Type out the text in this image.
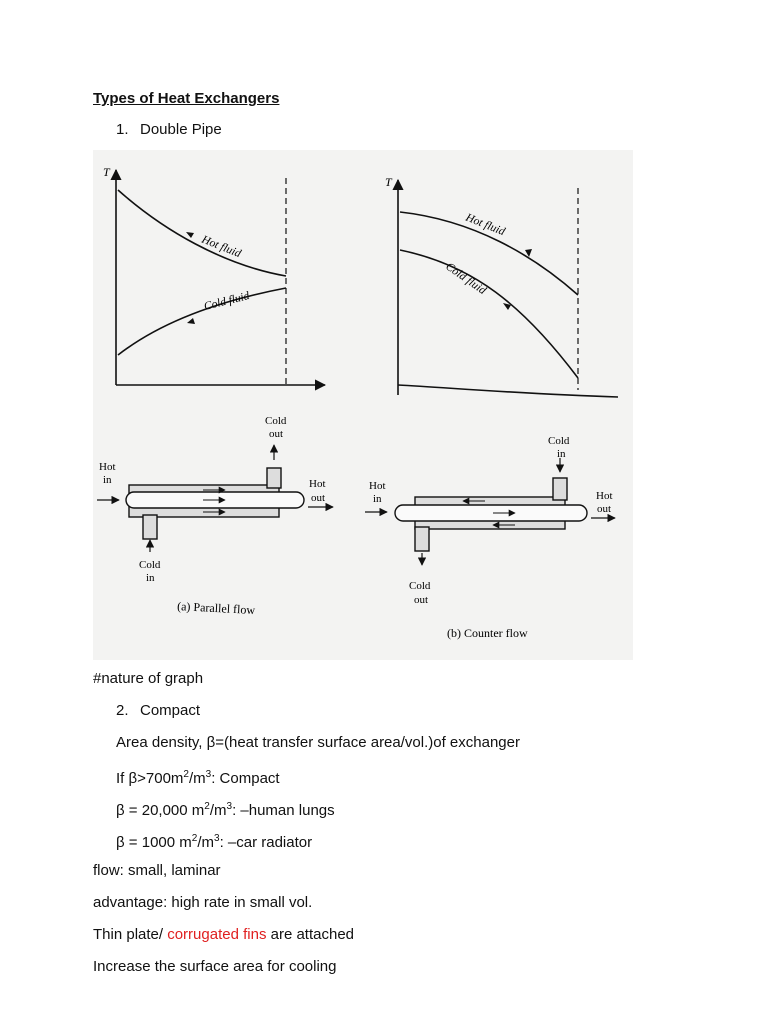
Types of Heat Exchangers
1. Double Pipe
T
Hot fluid
Cold fluid
T
Hot fluid
Cold fluid
Cold
out
Hot
in	Hot
out
Cold
in
(a) Parallel flow
Cold
in
Hot
in	Hot
out
Cold
out
(b) Counter flow
#nature of graph
2. Compact
Area density, β=(heat transfer surface area/vol.)of exchanger
If $\beta>700m^2/m^3$: Compact
β = 20,000 $m^2/m^3$: –human lungs
β = 1000 $m^2/m^3$: –car radiator
flow: small, laminar
advantage: high rate in small vol.
Thin plate/ corrugated fins are attached
Increase the surface area for cooling
